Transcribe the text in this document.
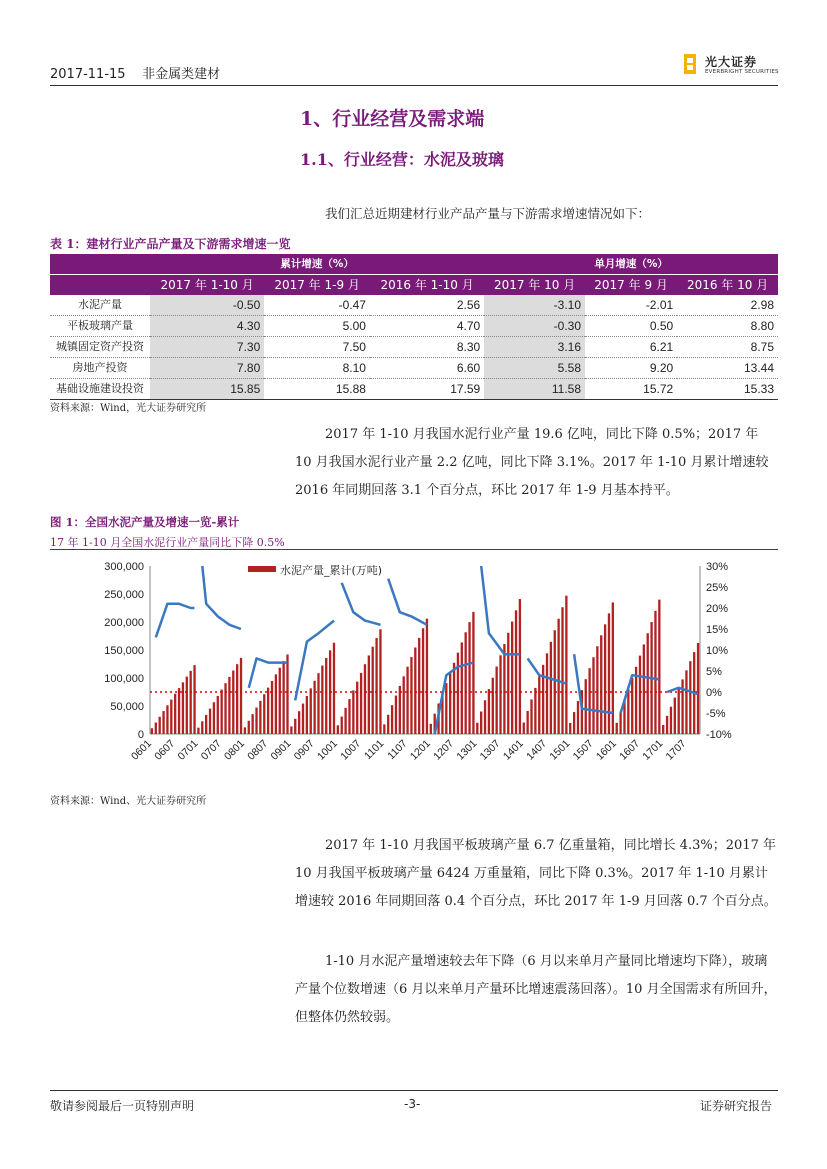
2017-11-15 非金属类建材
光大证券
EVERBRIGHT SECURITIES
1、行业经营及需求端
1.1、行业经营：水泥及玻璃
我们汇总近期建材行业产品产量与下游需求增速情况如下：
表 1：建材行业产品产量及下游需求增速一览
	累计增速（%）			单月增速（%）		
	2017 年 1-10 月	2017 年 1-9 月	2016 年 1-10 月	2017 年 10 月	2017 年 9 月	2016 年 10 月
水泥产量	-0.50	-0.47	2.56	-3.10	-2.01	2.98
平板玻璃产量	4.30	5.00	4.70	-0.30	0.50	8.80
城镇固定资产投资	7.30	7.50	8.30	3.16	6.21	8.75
房地产投资	7.80	8.10	6.60	5.58	9.20	13.44
基础设施建设投资	15.85	15.88	17.59	11.58	15.72	15.33
资料来源：Wind，光大证券研究所
2017 年 1-10 月我国水泥行业产量 19.6 亿吨，同比下降 0.5%；2017 年 10 月我国水泥行业产量 2.2 亿吨，同比下降 3.1%。2017 年 1-10 月累计增速较 2016 年同期回落 3.1 个百分点，环比 2017 年 1-9 月基本持平。
图 1：全国水泥产量及增速一览-累计
17 年 1-10 月全国水泥行业产量同比下降 0.5%
0
50,000
100,000
150,000
200,000
250,000
300,000
-10%
-5%
0%
5%
10%
15%
20%
25%
30%
0601
0607
0701
0707
0801
0807
0901
0907
1001
1007
1101
1107
1201
1207
1301
1307
1401
1407
1501
1507
1601
1607
1701
1707
水泥产量_累计(万吨)
资料来源：Wind、光大证券研究所
2017 年 1-10 月我国平板玻璃产量 6.7 亿重量箱，同比增长 4.3%；2017 年 10 月我国平板玻璃产量 6424 万重量箱，同比下降 0.3%。2017 年 1-10 月累计增速较 2016 年同期回落 0.4 个百分点，环比 2017 年 1-9 月回落 0.7 个百分点。
1-10 月水泥产量增速较去年下降（6 月以来单月产量同比增速均下降），玻璃产量个位数增速（6 月以来单月产量环比增速震荡回落）。10 月全国需求有所回升，但整体仍然较弱。
敬请参阅最后一页特别声明	-3-	证券研究报告
